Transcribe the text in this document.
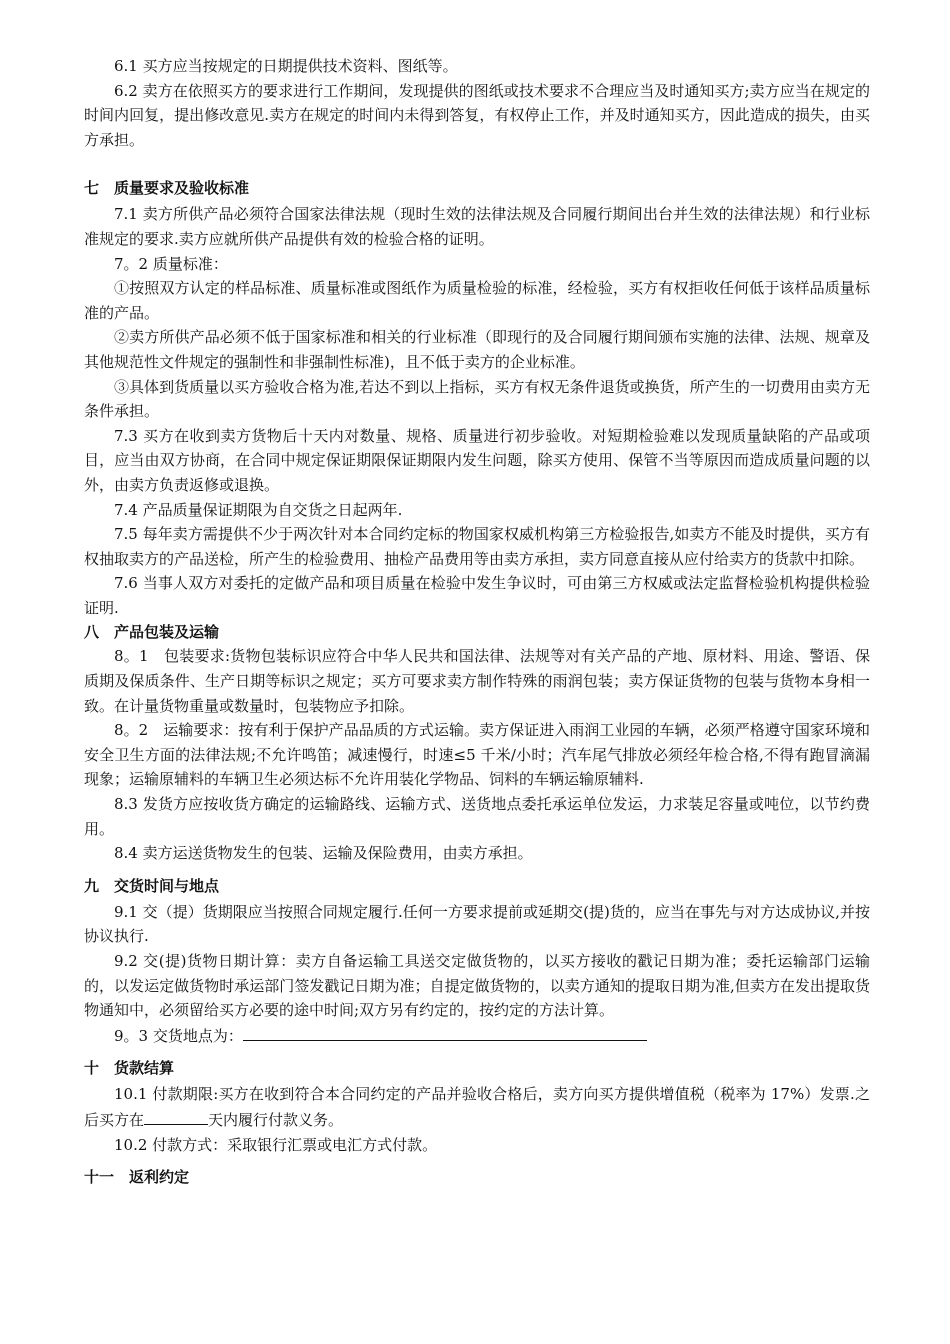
6.1 买方应当按规定的日期提供技术资料、图纸等。

6.2 卖方在依照买方的要求进行工作期间，发现提供的图纸或技术要求不合理应当及时通知买方;卖方应当在规定的时间内回复，提出修改意见.卖方在规定的时间内未得到答复，有权停止工作，并及时通知买方，因此造成的损失，由买方承担。

七　质量要求及验收标准

7.1 卖方所供产品必须符合国家法律法规（现时生效的法律法规及合同履行期间出台并生效的法律法规）和行业标准规定的要求.卖方应就所供产品提供有效的检验合格的证明。

7。2 质量标准：

①按照双方认定的样品标准、质量标准或图纸作为质量检验的标准，经检验，买方有权拒收任何低于该样品质量标准的产品。

②卖方所供产品必须不低于国家标准和相关的行业标准（即现行的及合同履行期间颁布实施的法律、法规、规章及其他规范性文件规定的强制性和非强制性标准)，且不低于卖方的企业标准。

③具体到货质量以买方验收合格为准,若达不到以上指标，买方有权无条件退货或换货，所产生的一切费用由卖方无条件承担。

7.3 买方在收到卖方货物后十天内对数量、规格、质量进行初步验收。对短期检验难以发现质量缺陷的产品或项目，应当由双方协商，在合同中规定保证期限保证期限内发生问题，除买方使用、保管不当等原因而造成质量问题的以外，由卖方负责返修或退换。

7.4 产品质量保证期限为自交货之日起两年.

7.5 每年卖方需提供不少于两次针对本合同约定标的物国家权威机构第三方检验报告,如卖方不能及时提供，买方有权抽取卖方的产品送检，所产生的检验费用、抽检产品费用等由卖方承担，卖方同意直接从应付给卖方的货款中扣除。

7.6 当事人双方对委托的定做产品和项目质量在检验中发生争议时，可由第三方权威或法定监督检验机构提供检验证明.

八　产品包装及运输

8。1　包装要求:货物包装标识应符合中华人民共和国法律、法规等对有关产品的产地、原材料、用途、警语、保质期及保质条件、生产日期等标识之规定；买方可要求卖方制作特殊的雨润包装；卖方保证货物的包装与货物本身相一致。在计量货物重量或数量时，包装物应予扣除。

8。2　运输要求：按有利于保护产品品质的方式运输。卖方保证进入雨润工业园的车辆，必须严格遵守国家环境和安全卫生方面的法律法规;不允许鸣笛；减速慢行，时速≤5 千米/小时；汽车尾气排放必须经年检合格,不得有跑冒滴漏现象；运输原辅料的车辆卫生必须达标不允许用装化学物品、饲料的车辆运输原辅料.

8.3 发货方应按收货方确定的运输路线、运输方式、送货地点委托承运单位发运，力求装足容量或吨位，以节约费用。

8.4 卖方运送货物发生的包装、运输及保险费用，由卖方承担。

九　交货时间与地点

9.1 交（提）货期限应当按照合同规定履行.任何一方要求提前或延期交(提)货的，应当在事先与对方达成协议,并按协议执行.

9.2 交(提)货物日期计算：卖方自备运输工具送交定做货物的，以买方接收的戳记日期为准；委托运输部门运输的，以发运定做货物时承运部门签发戳记日期为准；自提定做货物的，以卖方通知的提取日期为准,但卖方在发出提取货物通知中，必须留给买方必要的途中时间;双方另有约定的，按约定的方法计算。

9。3 交货地点为：

十　货款结算

10.1 付款期限:买方在收到符合本合同约定的产品并验收合格后，卖方向买方提供增值税（税率为 17%）发票.之后买方在	天内履行付款义务。

10.2 付款方式：采取银行汇票或电汇方式付款。

十一　返利约定
